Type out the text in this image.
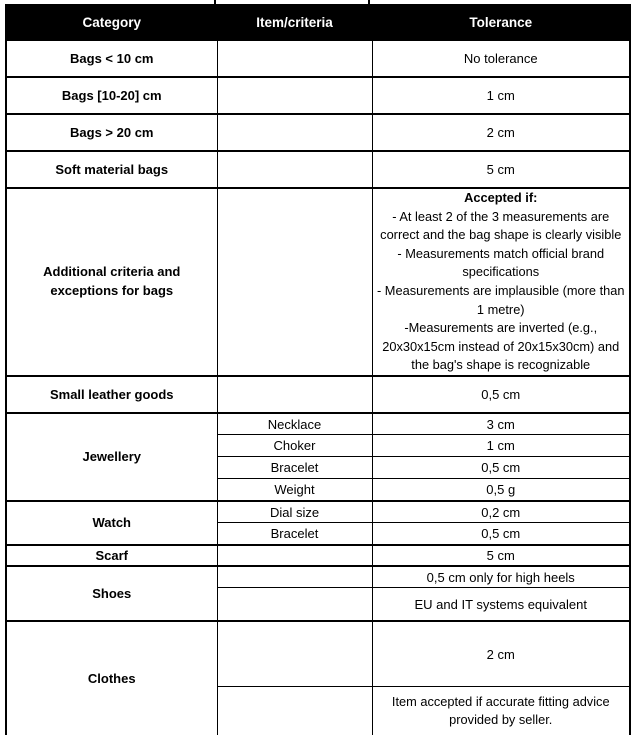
Category	Item/criteria	Tolerance
Bags < 10 cm		No tolerance
Bags [10-20] cm		1 cm
Bags > 20 cm		2 cm
Soft material bags		5 cm

Additional criteria and exceptions for bags		Accepted if:
- At least 2 of the 3 measurements are correct and the bag shape is clearly visible
- Measurements match official brand specifications
- Measurements are implausible (more than 1 metre)
-Measurements are inverted (e.g., 20x30x15cm instead of 20x15x30cm) and the bag's shape is recognizable

Small leather goods		0,5 cm
Jewellery	Necklace	3 cm
	Choker	1 cm
	Bracelet	0,5 cm
	Weight	0,5 g
Watch	Dial size	0,2 cm
	Bracelet	0,5 cm
Scarf		5 cm
Shoes		0,5 cm only for high heels
		EU and IT systems equivalent
Clothes		2 cm

		Item accepted if accurate fitting advice provided by seller.
